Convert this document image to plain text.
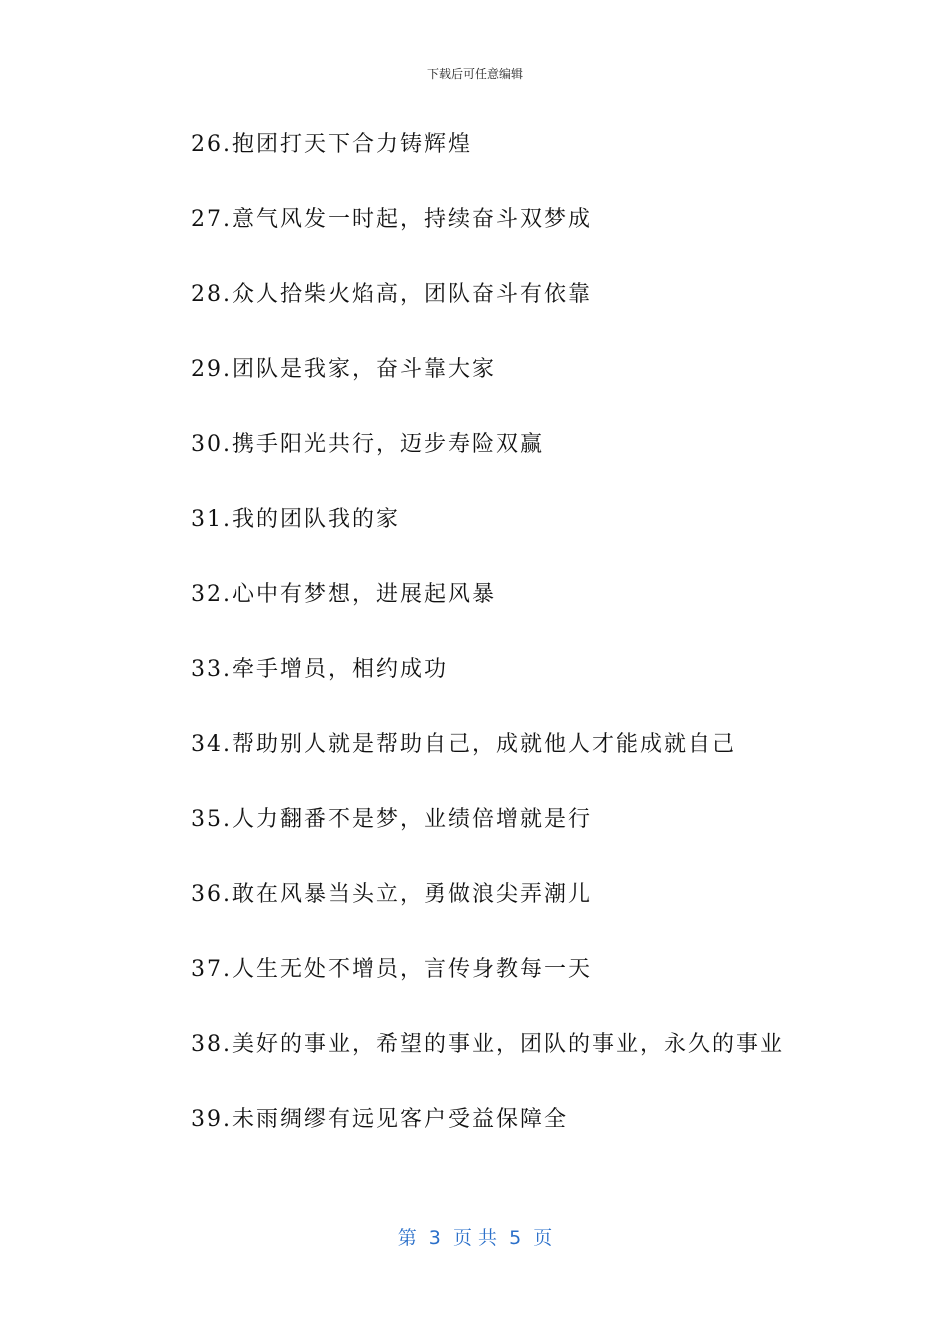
下载后可任意编辑
26.抱团打天下合力铸辉煌
27.意气风发一时起，持续奋斗双梦成
28.众人拾柴火焰高，团队奋斗有依靠
29.团队是我家，奋斗靠大家
30.携手阳光共行，迈步寿险双赢
31.我的团队我的家
32.心中有梦想，进展起风暴
33.牵手增员，相约成功
34.帮助别人就是帮助自己，成就他人才能成就自己
35.人力翻番不是梦，业绩倍增就是行
36.敢在风暴当头立，勇做浪尖弄潮儿
37.人生无处不增员，言传身教每一天
38.美好的事业，希望的事业，团队的事业，永久的事业
39.未雨绸缪有远见客户受益保障全
第  3  页 共  5  页
